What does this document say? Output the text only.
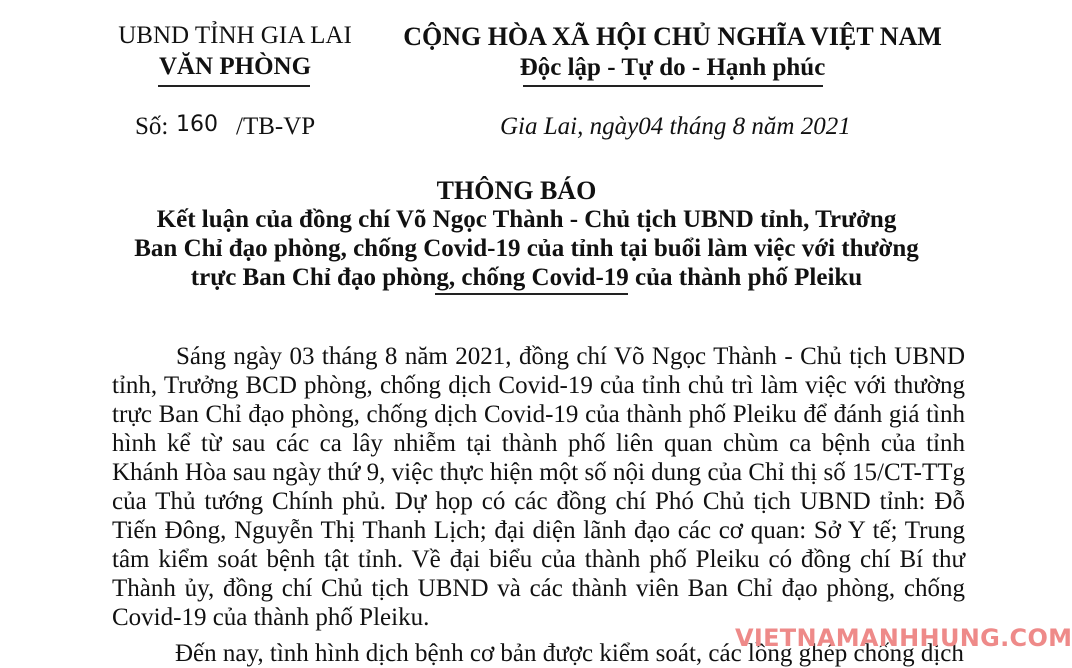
UBND TỈNH GIA LAI
VĂN PHÒNG
CỘNG HÒA XÃ HỘI CHỦ NGHĨA VIỆT NAM
Độc lập - Tự do - Hạnh phúc
Số: 160 /TB-VP	Gia Lai, ngày04 tháng 8 năm 2021
THÔNG BÁO
Kết luận của đồng chí Võ Ngọc Thành - Chủ tịch UBND tỉnh, Trưởng
Ban Chỉ đạo phòng, chống Covid-19 của tỉnh tại buổi làm việc với thường
trực Ban Chỉ đạo phòng, chống Covid-19 của thành phố Pleiku
Sáng ngày 03 tháng 8 năm 2021, đồng chí Võ Ngọc Thành - Chủ tịch UBND tỉnh, Trưởng BCD phòng, chống dịch Covid-19 của tỉnh chủ trì làm việc với thường trực Ban Chỉ đạo phòng, chống dịch Covid-19 của thành phố Pleiku để đánh giá tình hình kể từ sau các ca lây nhiễm tại thành phố liên quan chùm ca bệnh của tỉnh Khánh Hòa sau ngày thứ 9, việc thực hiện một số nội dung của Chỉ thị số 15/CT-TTg của Thủ tướng Chính phủ. Dự họp có các đồng chí Phó Chủ tịch UBND tỉnh: Đỗ Tiến Đông, Nguyễn Thị Thanh Lịch; đại diện lãnh đạo các cơ quan: Sở Y tế; Trung tâm kiểm soát bệnh tật tỉnh. Về đại biểu của thành phố Pleiku có đồng chí Bí thư Thành ủy, đồng chí Chủ tịch UBND và các thành viên Ban Chỉ đạo phòng, chống Covid-19 của thành phố Pleiku.
Đến nay, tình hình dịch bệnh cơ bản được kiểm soát, các lồng ghép chống dịch
VIETNAMANHHUNG.COM
